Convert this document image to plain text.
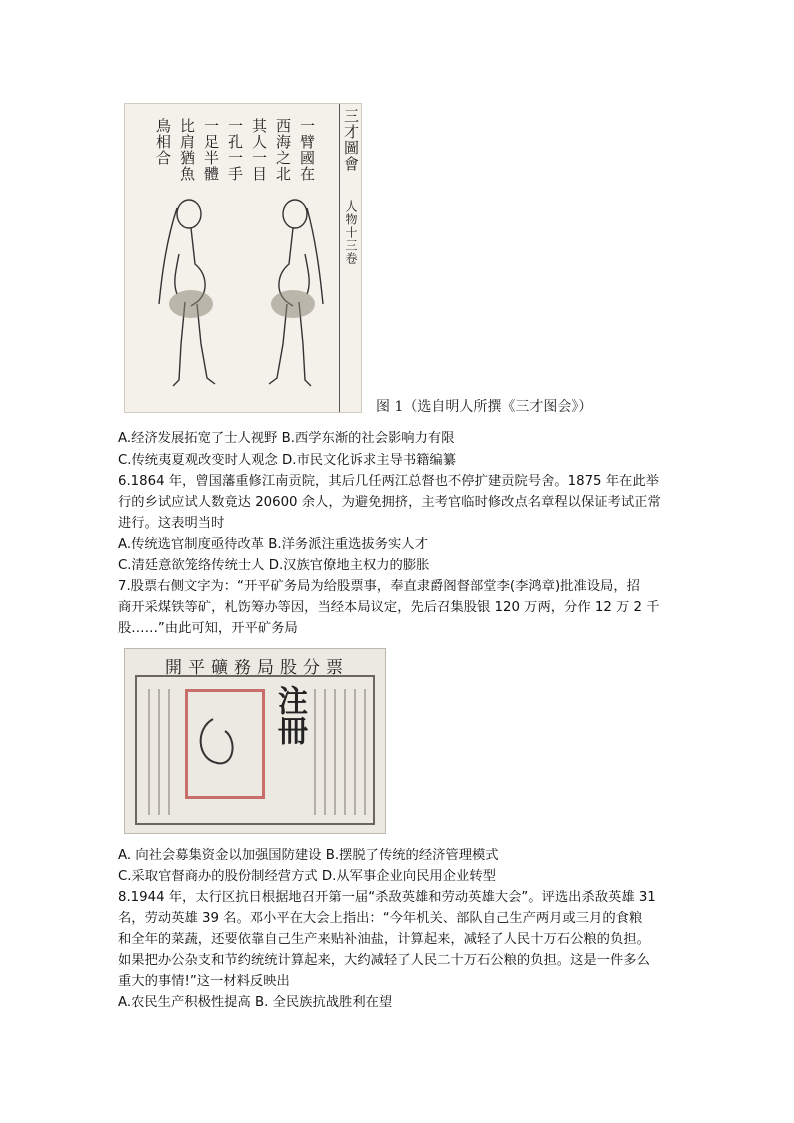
三才圖會
人物十三卷
一臂國在
西海之北
其人一目
一孔一手
一足半體
比肩猶魚
鳥相合
图 1（选自明人所撰《三才图会》）
A.经济发展拓宽了士人视野 B.西学东渐的社会影响力有限
C.传统夷夏观改变时人观念 D.市民文化诉求主导书籍编纂
6.1864 年，曾国藩重修江南贡院，其后几任两江总督也不停扩建贡院号舍。1875 年在此举
行的乡试应试人数竟达 20600 余人，为避免拥挤，主考官临时修改点名章程以保证考试正常
进行。这表明当时
A.传统选官制度亟待改革 B.洋务派注重选拔务实人才
C.清廷意欲笼络传统士人 D.汉族官僚地主权力的膨胀
7.股票右侧文字为：“开平矿务局为给股票事，奉直隶爵阁督部堂李(李鸿章)批准设局，招
商开采煤铁等矿，札饬筹办等因，当经本局议定，先后召集股银 120 万两，分作 12 万 2 千
股……”由此可知，开平矿务局
開平礦務局股分票
注冊
A. 向社会募集资金以加强国防建设 B.摆脱了传统的经济管理模式
C.采取官督商办的股份制经营方式 D.从军事企业向民用企业转型
8.1944 年，太行区抗日根据地召开第一届“杀敌英雄和劳动英雄大会”。评选出杀敌英雄 31
名，劳动英雄 39 名。邓小平在大会上指出：“今年机关、部队自己生产两月或三月的食粮
和全年的菜蔬，还要依靠自己生产来贴补油盐，计算起来，减轻了人民十万石公粮的负担。
如果把办公杂支和节约统统计算起来，大约减轻了人民二十万石公粮的负担。这是一件多么
重大的事情!”这一材料反映出
A.农民生产积极性提高 B. 全民族抗战胜利在望
